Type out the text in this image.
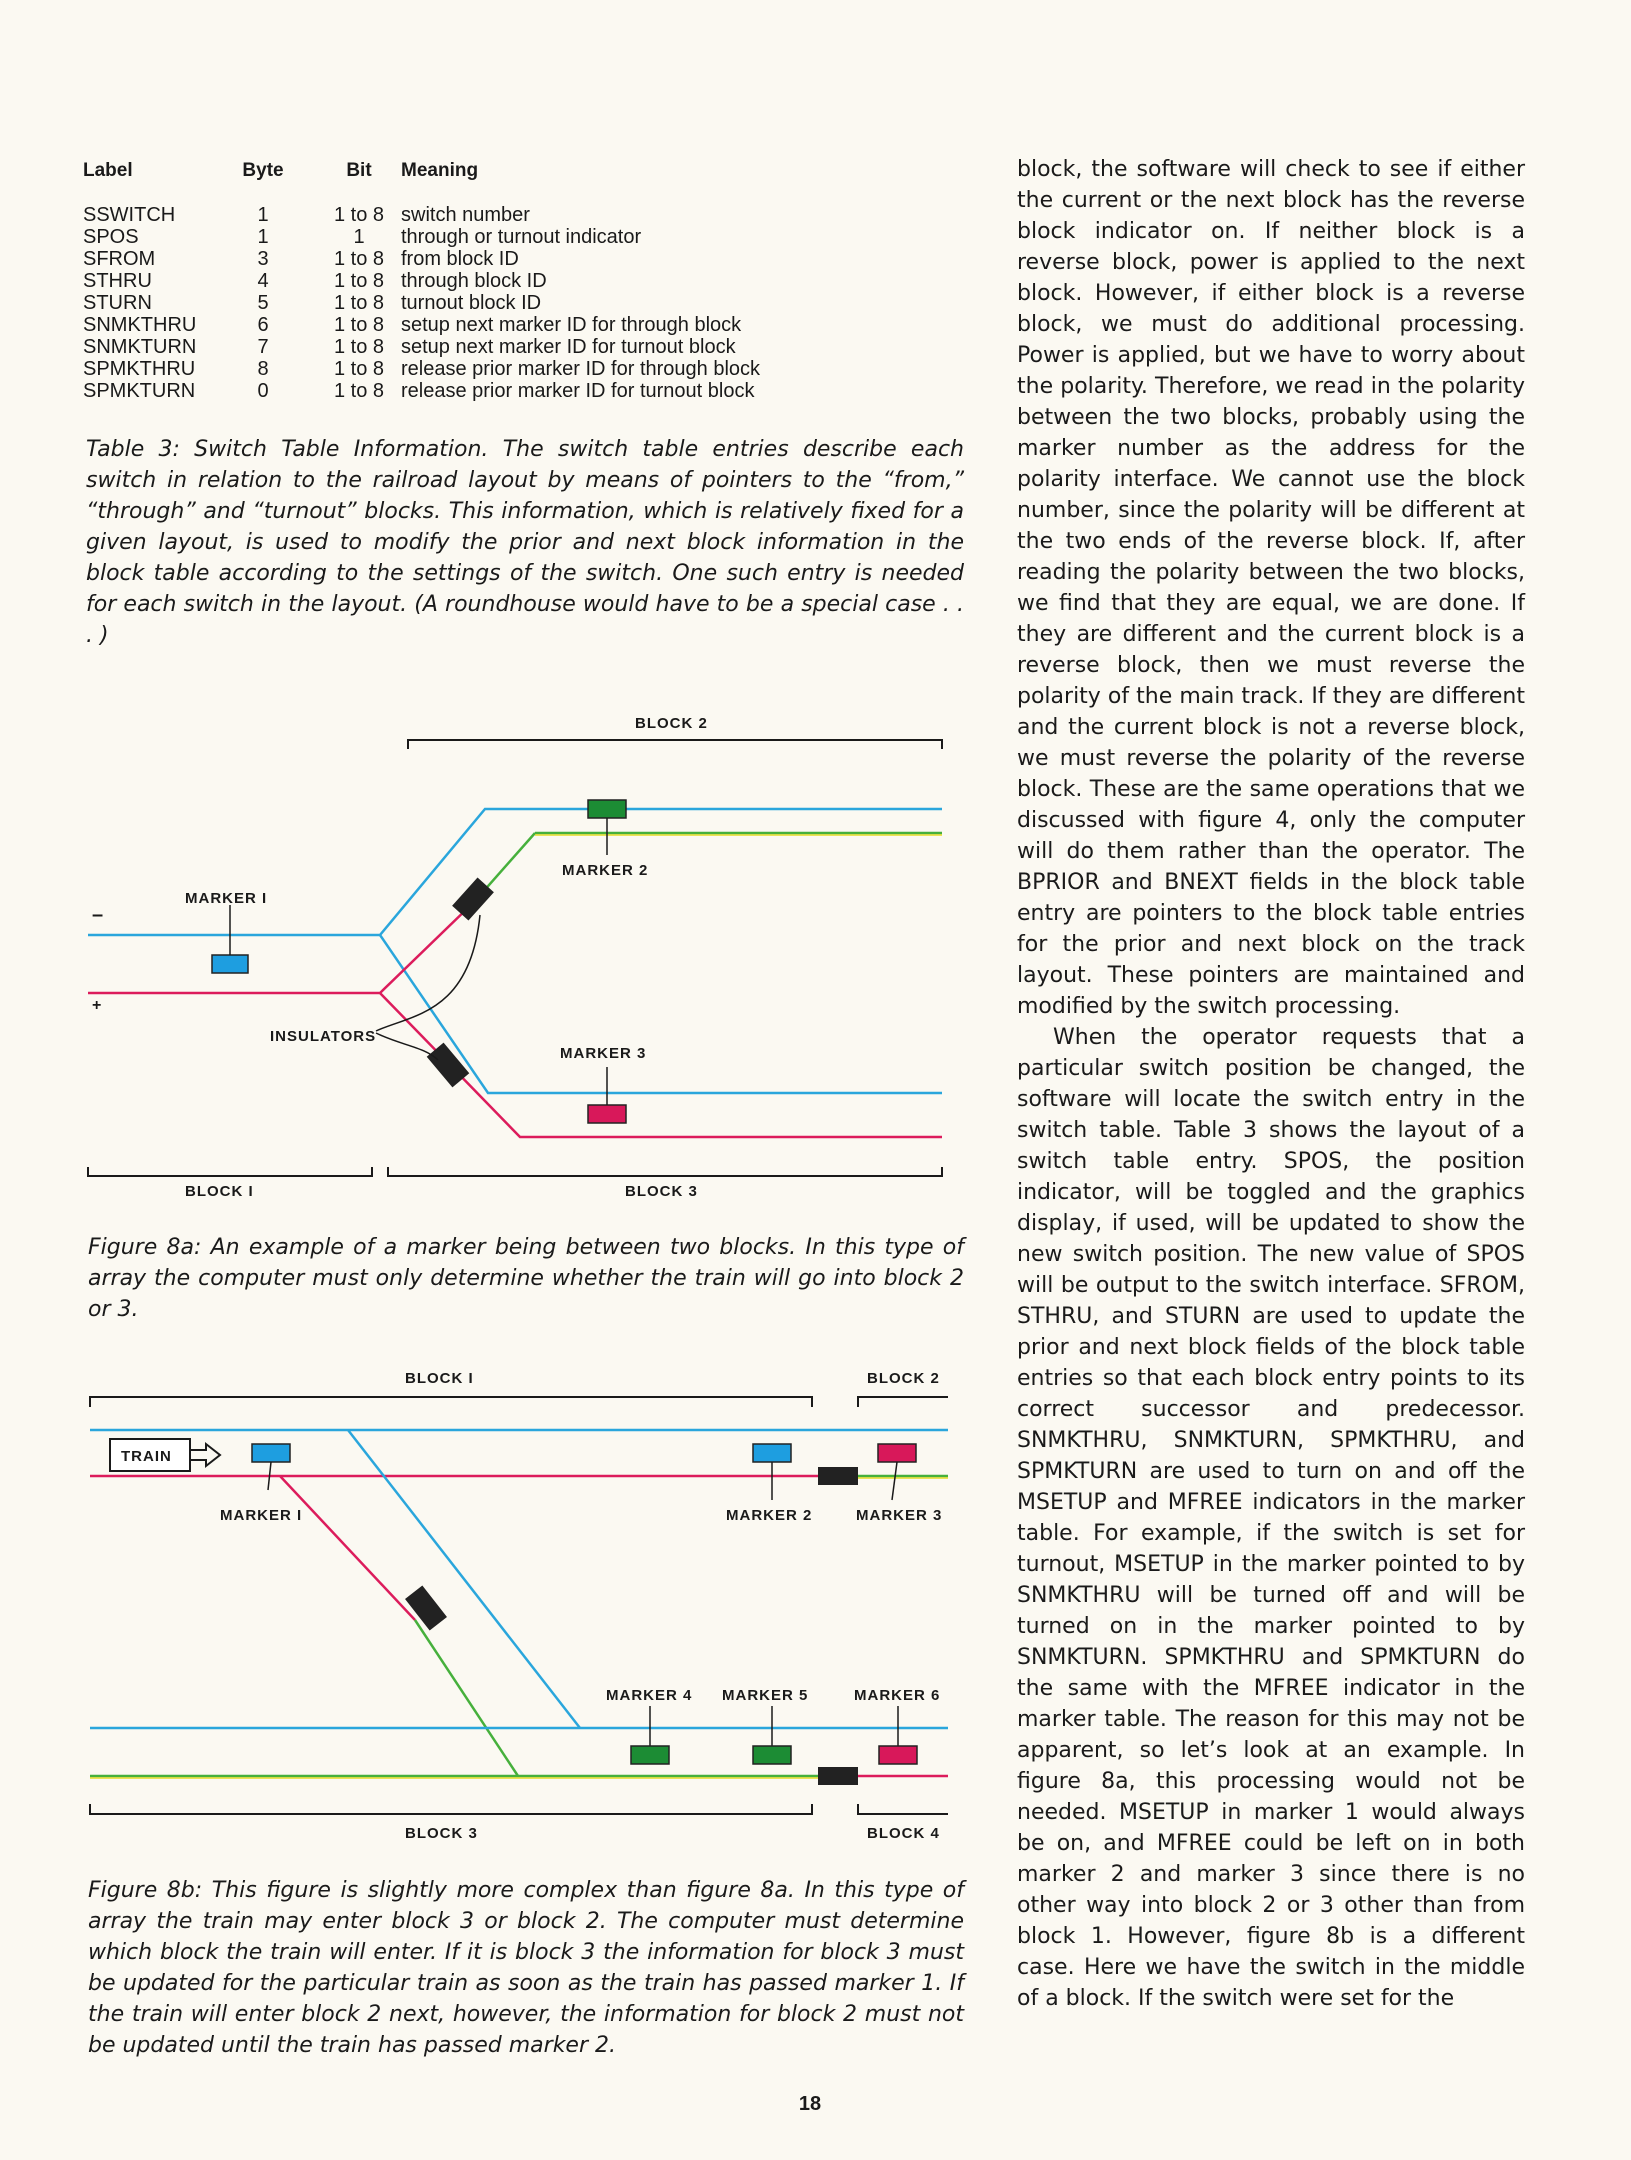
Label	Byte	Bit	Meaning
SSWITCH	1	1 to 8 switch number
SPOS	1	1	through or turnout indicator
SFROM	3	1 to 8 from block ID
STHRU	4	1 to 8 through block ID
STURN	5	1 to 8 turnout block ID
SNMKTHRU	6	1 to 8 setup next marker ID for through block
SNMKTURN	7	1 to 8 setup next marker ID for turnout block
SPMKTHRU	8	1 to 8 release prior marker ID for through block
SPMKTURN	0	1 to 8 release prior marker ID for turnout block
Table 3: Switch Table Information. The switch table entries describe each switch in relation to the railroad layout by means of pointers to the “from,” “through” and “turnout” blocks. This information, which is relatively fixed for a given layout, is used to modify the prior and next block information in the block table according to the settings of the switch. One such entry is needed for each switch in the layout. (A roundhouse would have to be a special case . . . )
BLOCK 2
–
+
INSULATORS
MARKER I
MARKER 2
MARKER 3
BLOCK I	BLOCK 3
Figure 8a: An example of a marker being between two blocks. In this type of array the computer must only determine whether the train will go into block 2 or 3.
BLOCK I	BLOCK 2
TRAIN
MARKER I	MARKER 2	MARKER 3
MARKER 4 MARKER 5	MARKER 6
BLOCK 3	BLOCK 4
Figure 8b: This figure is slightly more complex than figure 8a. In this type of array the train may enter block 3 or block 2. The computer must determine which block the train will enter. If it is block 3 the information for block 3 must be updated for the particular train as soon as the train has passed marker 1. If the train will enter block 2 next, however, the information for block 2 must not be updated until the train has passed marker 2.

block, the software will check to see if either the current or the next block has the reverse block indicator on. If neither block is a reverse block, power is applied to the next block. However, if either block is a reverse block, we must do additional processing. Power is applied, but we have to worry about the polarity. Therefore, we read in the polarity between the two blocks, probably using the marker number as the address for the polarity interface. We cannot use the block number, since the polarity will be different at the two ends of the reverse block. If, after reading the polarity between the two blocks, we find that they are equal, we are done. If they are different and the current block is a reverse block, then we must reverse the polarity of the main track. If they are different and the current block is not a reverse block, we must reverse the polarity of the reverse block. These are the same operations that we discussed with figure 4, only the computer will do them rather than the operator. The BPRIOR and BNEXT fields in the block table entry are pointers to the block table entries for the prior and next block on the track layout. These pointers are maintained and modified by the switch processing.

When the operator requests that a particular switch position be changed, the software will locate the switch entry in the switch table. Table 3 shows the layout of a switch table entry. SPOS, the position indicator, will be toggled and the graphics display, if used, will be updated to show the new switch position. The new value of SPOS will be output to the switch interface. SFROM, STHRU, and STURN are used to update the prior and next block fields of the block table entries so that each block entry points to its correct successor and predecessor. SNMKTHRU, SNMKTURN, SPMKTHRU, and SPMKTURN are used to turn on and off the MSETUP and MFREE indicators in the marker table. For example, if the switch is set for turnout, MSETUP in the marker pointed to by SNMKTHRU will be turned off and will be turned on in the marker pointed to by SNMKTURN. SPMKTHRU and SPMKTURN do the same with the MFREE indicator in the marker table. The reason for this may not be apparent, so let’s look at an example. In figure 8a, this processing would not be needed. MSETUP in marker 1 would always be on, and MFREE could be left on in both marker 2 and marker 3 since there is no other way into block 2 or 3 other than from block 1. However, figure 8b is a different case. Here we have the switch in the middle of a block. If the switch were set for the

18
